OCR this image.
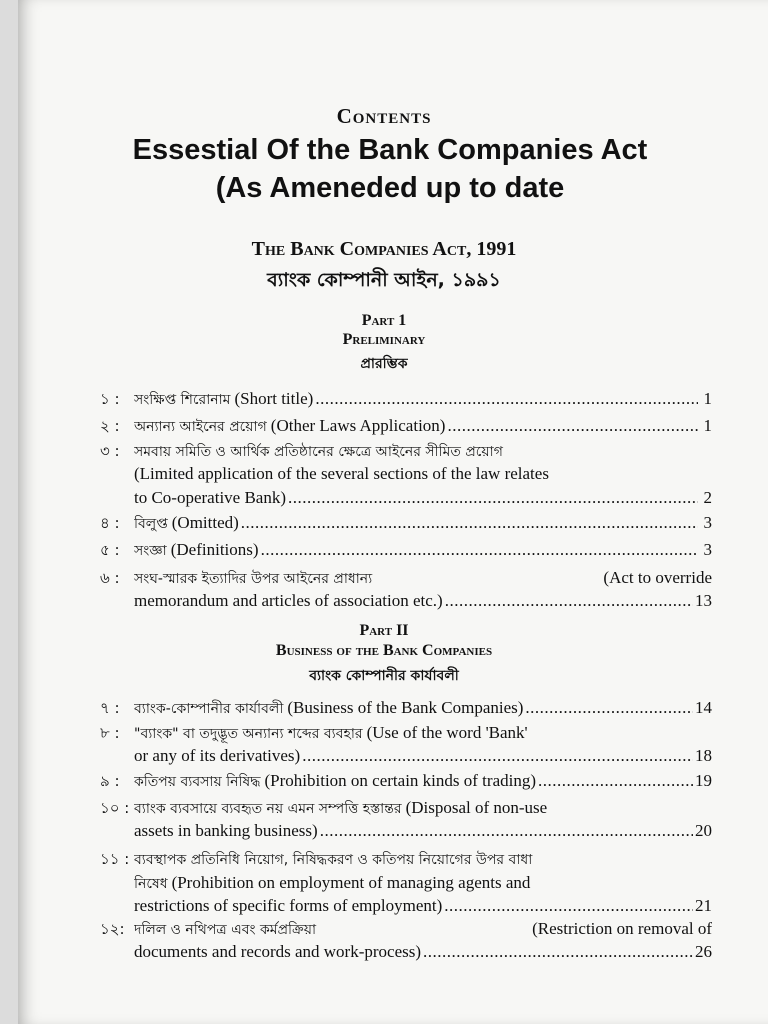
Contents
Essestial Of the Bank Companies Act
(As Ameneded up to date
The Bank Companies Act, 1991
ব্যাংক কোম্পানী আইন, ১৯৯১
Part 1
Preliminary
প্রারম্ভিক
১ :	সংক্ষিপ্ত শিরোনাম (Short title) .....	1
২ :	অন্যান্য আইনের প্রয়োগ (Other Laws Application) .....	1
৩ :	সমবায় সমিতি ও আর্থিক প্রতিষ্ঠানের ক্ষেত্রে আইনের সীমিত প্রয়োগ
(Limited application of the several sections of the law relates
to Co-operative Bank) .....	2
৪ :	বিলুপ্ত (Omitted) .....	3
৫ :	সংজ্ঞা (Definitions) .....	3
৬ :	সংঘ-স্মারক ইত্যাদির উপর আইনের প্রাধান্য	(Act to override
memorandum and articles of association etc.) .....	13
Part II
Business of the Bank Companies
ব্যাংক কোম্পানীর কার্যাবলী
৭ :	ব্যাংক-কোম্পানীর কার্যাবলী (Business of the Bank Companies) .....	14
৮ :	"ব্যাংক" বা তদুদ্ভূত অন্যান্য শব্দের ব্যবহার (Use of the word 'Bank'
or any of its derivatives) .....	18
৯ :	কতিপয় ব্যবসায় নিষিদ্ধ (Prohibition on certain kinds of trading) .....	19
১০ : ব্যাংক ব্যবসায়ে ব্যবহৃত নয় এমন সম্পত্তি হস্তান্তর (Disposal of non-use
assets in banking business) .....	20
১১ : ব্যবস্থাপক প্রতিনিধি নিয়োগ, নিষিদ্ধকরণ ও কতিপয় নিয়োগের উপর বাধা
নিষেধ (Prohibition on employment of managing agents and
restrictions of specific forms of employment) .....	21
১২: দলিল ও নথিপত্র এবং কর্মপ্রক্রিয়া	(Restriction on removal of
documents and records and work-process) .....	26
